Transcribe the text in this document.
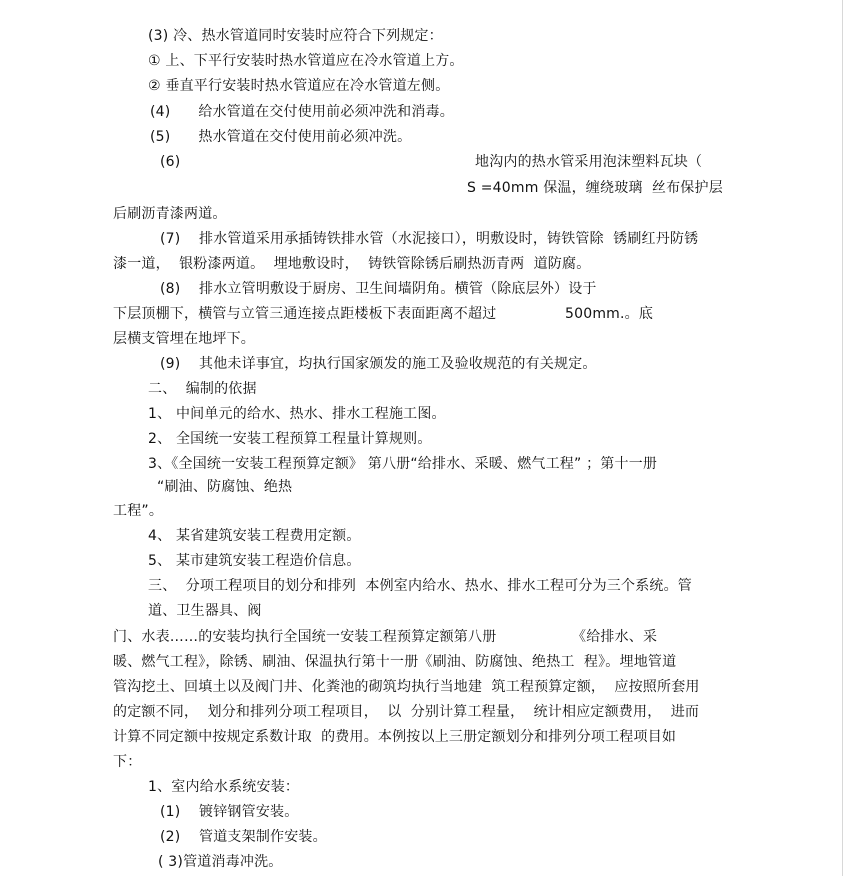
(3) 冷、热水管道同时安装时应符合下列规定：
① 上、下平行安装时热水管道应在冷水管道上方。
② 垂直平行安装时热水管道应在冷水管道左侧。
(4)      给水管道在交付使用前必须冲洗和消毒。
(5)      热水管道在交付使用前必须冲洗。
(6)	地沟内的热水管采用泡沫塑料瓦块（
S =40mm 保温，缠绕玻璃  丝布保护层
后刷沥青漆两道。
(7)    排水管道采用承插铸铁排水管（水泥接口），明敷设时，铸铁管除  锈刷红丹防锈
漆一道，  银粉漆两道。  埋地敷设时，  铸铁管除锈后刷热沥青两  道防腐。
(8)    排水立管明敷设于厨房、卫生间墙阴角。横管（除底层外）设于
下层顶棚下，横管与立管三通连接点距楼板下表面距离不超过	500mm.。底
层横支管埋在地坪下。
(9)    其他未详事宜，均执行国家颁发的施工及验收规范的有关规定。
二、  编制的依据
1、 中间单元的给水、热水、排水工程施工图。
2、 全国统一安装工程预算工程量计算规则。
3、《全国统一安装工程预算定额》 第八册“给排水、采暖、燃气工程” ；第十一册
“刷油、防腐蚀、绝热
工程”。
4、 某省建筑安装工程费用定额。
5、 某市建筑安装工程造价信息。
三、  分项工程项目的划分和排列  本例室内给水、热水、排水工程可分为三个系统。管
道、卫生器具、阀
门、水表……的安装均执行全国统一安装工程预算定额第八册	《给排水、采
暖、燃气工程》，除锈、刷油、保温执行第十一册《刷油、防腐蚀、绝热工  程》。埋地管道
管沟挖土、回填土以及阀门井、化粪池的砌筑均执行当地建  筑工程预算定额，  应按照所套用
的定额不同，  划分和排列分项工程项目，  以  分别计算工程量，  统计相应定额费用，  进而
计算不同定额中按规定系数计取  的费用。本例按以上三册定额划分和排列分项工程项目如
下：
1、室内给水系统安装：
(1)    镀锌钢管安装。
(2)    管道支架制作安装。
( 3)管道消毒冲洗。
